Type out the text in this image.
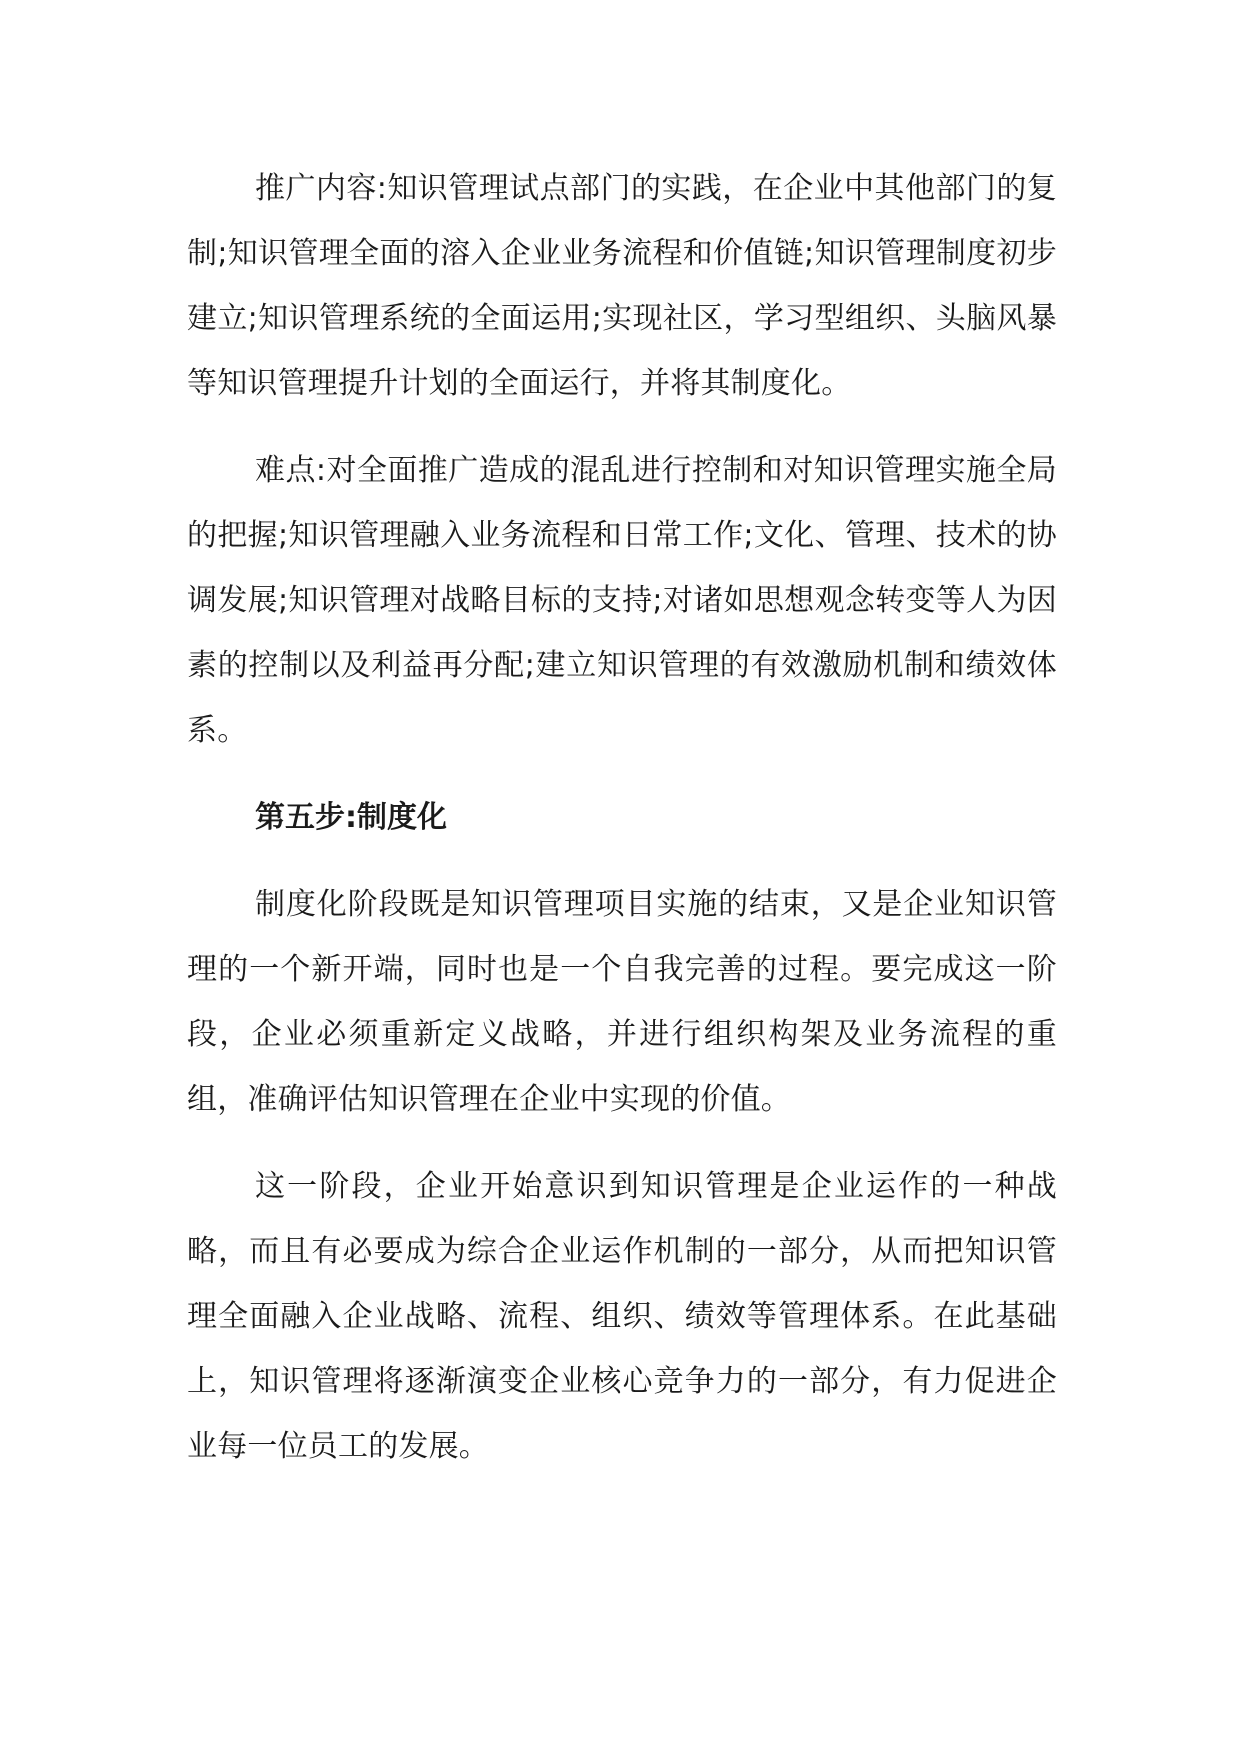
推广内容:知识管理试点部门的实践，在企业中其他部门的复制;知识管理全面的溶入企业业务流程和价值链;知识管理制度初步建立;知识管理系统的全面运用;实现社区，学习型组织、头脑风暴等知识管理提升计划的全面运行，并将其制度化。

难点:对全面推广造成的混乱进行控制和对知识管理实施全局的把握;知识管理融入业务流程和日常工作;文化、管理、技术的协调发展;知识管理对战略目标的支持;对诸如思想观念转变等人为因素的控制以及利益再分配;建立知识管理的有效激励机制和绩效体系。

第五步:制度化

制度化阶段既是知识管理项目实施的结束，又是企业知识管理的一个新开端，同时也是一个自我完善的过程。要完成这一阶段，企业必须重新定义战略，并进行组织构架及业务流程的重组，准确评估知识管理在企业中实现的价值。

这一阶段，企业开始意识到知识管理是企业运作的一种战略，而且有必要成为综合企业运作机制的一部分，从而把知识管理全面融入企业战略、流程、组织、绩效等管理体系。在此基础上，知识管理将逐渐演变企业核心竞争力的一部分，有力促进企业每一位员工的发展。
